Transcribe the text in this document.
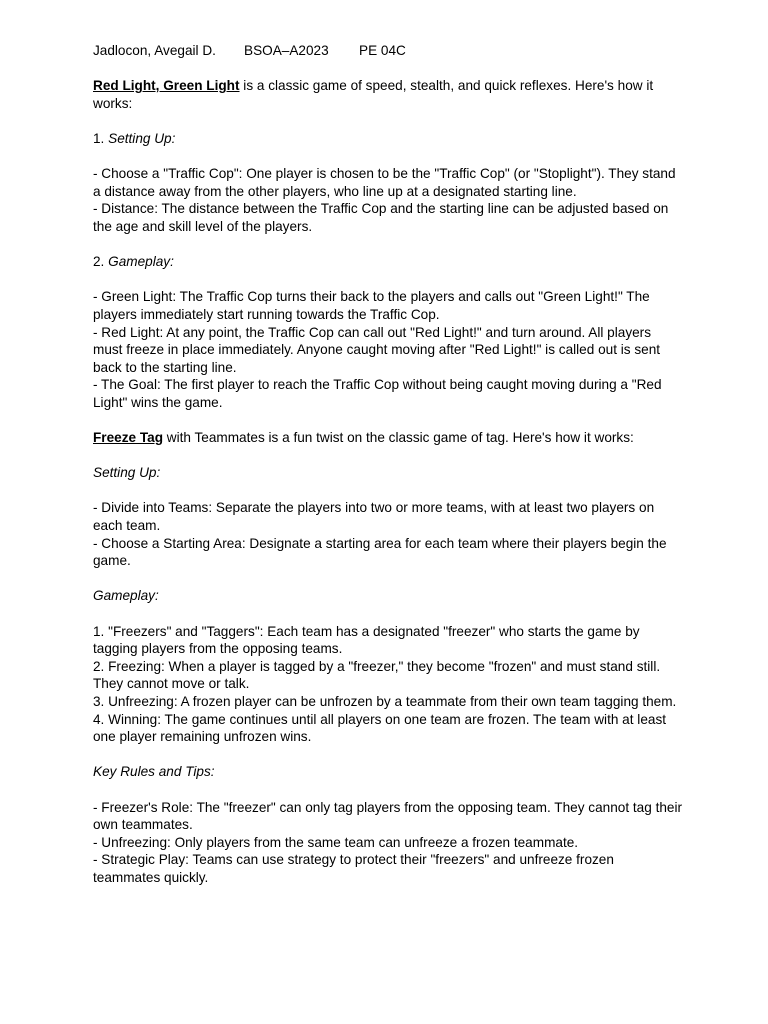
Jadlocon, Avegail D. BSOA–A2023 PE 04C

Red Light, Green Light is a classic game of speed, stealth, and quick reflexes. Here's how it works:

1. Setting Up:

- Choose a "Traffic Cop": One player is chosen to be the "Traffic Cop" (or "Stoplight"). They stand a distance away from the other players, who line up at a designated starting line.
- Distance: The distance between the Traffic Cop and the starting line can be adjusted based on the age and skill level of the players.

2. Gameplay:

- Green Light: The Traffic Cop turns their back to the players and calls out "Green Light!" The players immediately start running towards the Traffic Cop.
- Red Light: At any point, the Traffic Cop can call out "Red Light!" and turn around. All players must freeze in place immediately. Anyone caught moving after "Red Light!" is called out is sent back to the starting line.
- The Goal: The first player to reach the Traffic Cop without being caught moving during a "Red Light" wins the game.

Freeze Tag with Teammates is a fun twist on the classic game of tag. Here's how it works:

Setting Up:

- Divide into Teams: Separate the players into two or more teams, with at least two players on each team.
- Choose a Starting Area: Designate a starting area for each team where their players begin the game.

Gameplay:

1. "Freezers" and "Taggers": Each team has a designated "freezer" who starts the game by tagging players from the opposing teams.
2. Freezing: When a player is tagged by a "freezer," they become "frozen" and must stand still. They cannot move or talk.
3. Unfreezing: A frozen player can be unfrozen by a teammate from their own team tagging them.
4. Winning: The game continues until all players on one team are frozen. The team with at least one player remaining unfrozen wins.

Key Rules and Tips:

- Freezer's Role: The "freezer" can only tag players from the opposing team. They cannot tag their own teammates.
- Unfreezing: Only players from the same team can unfreeze a frozen teammate.
- Strategic Play: Teams can use strategy to protect their "freezers" and unfreeze frozen teammates quickly.
